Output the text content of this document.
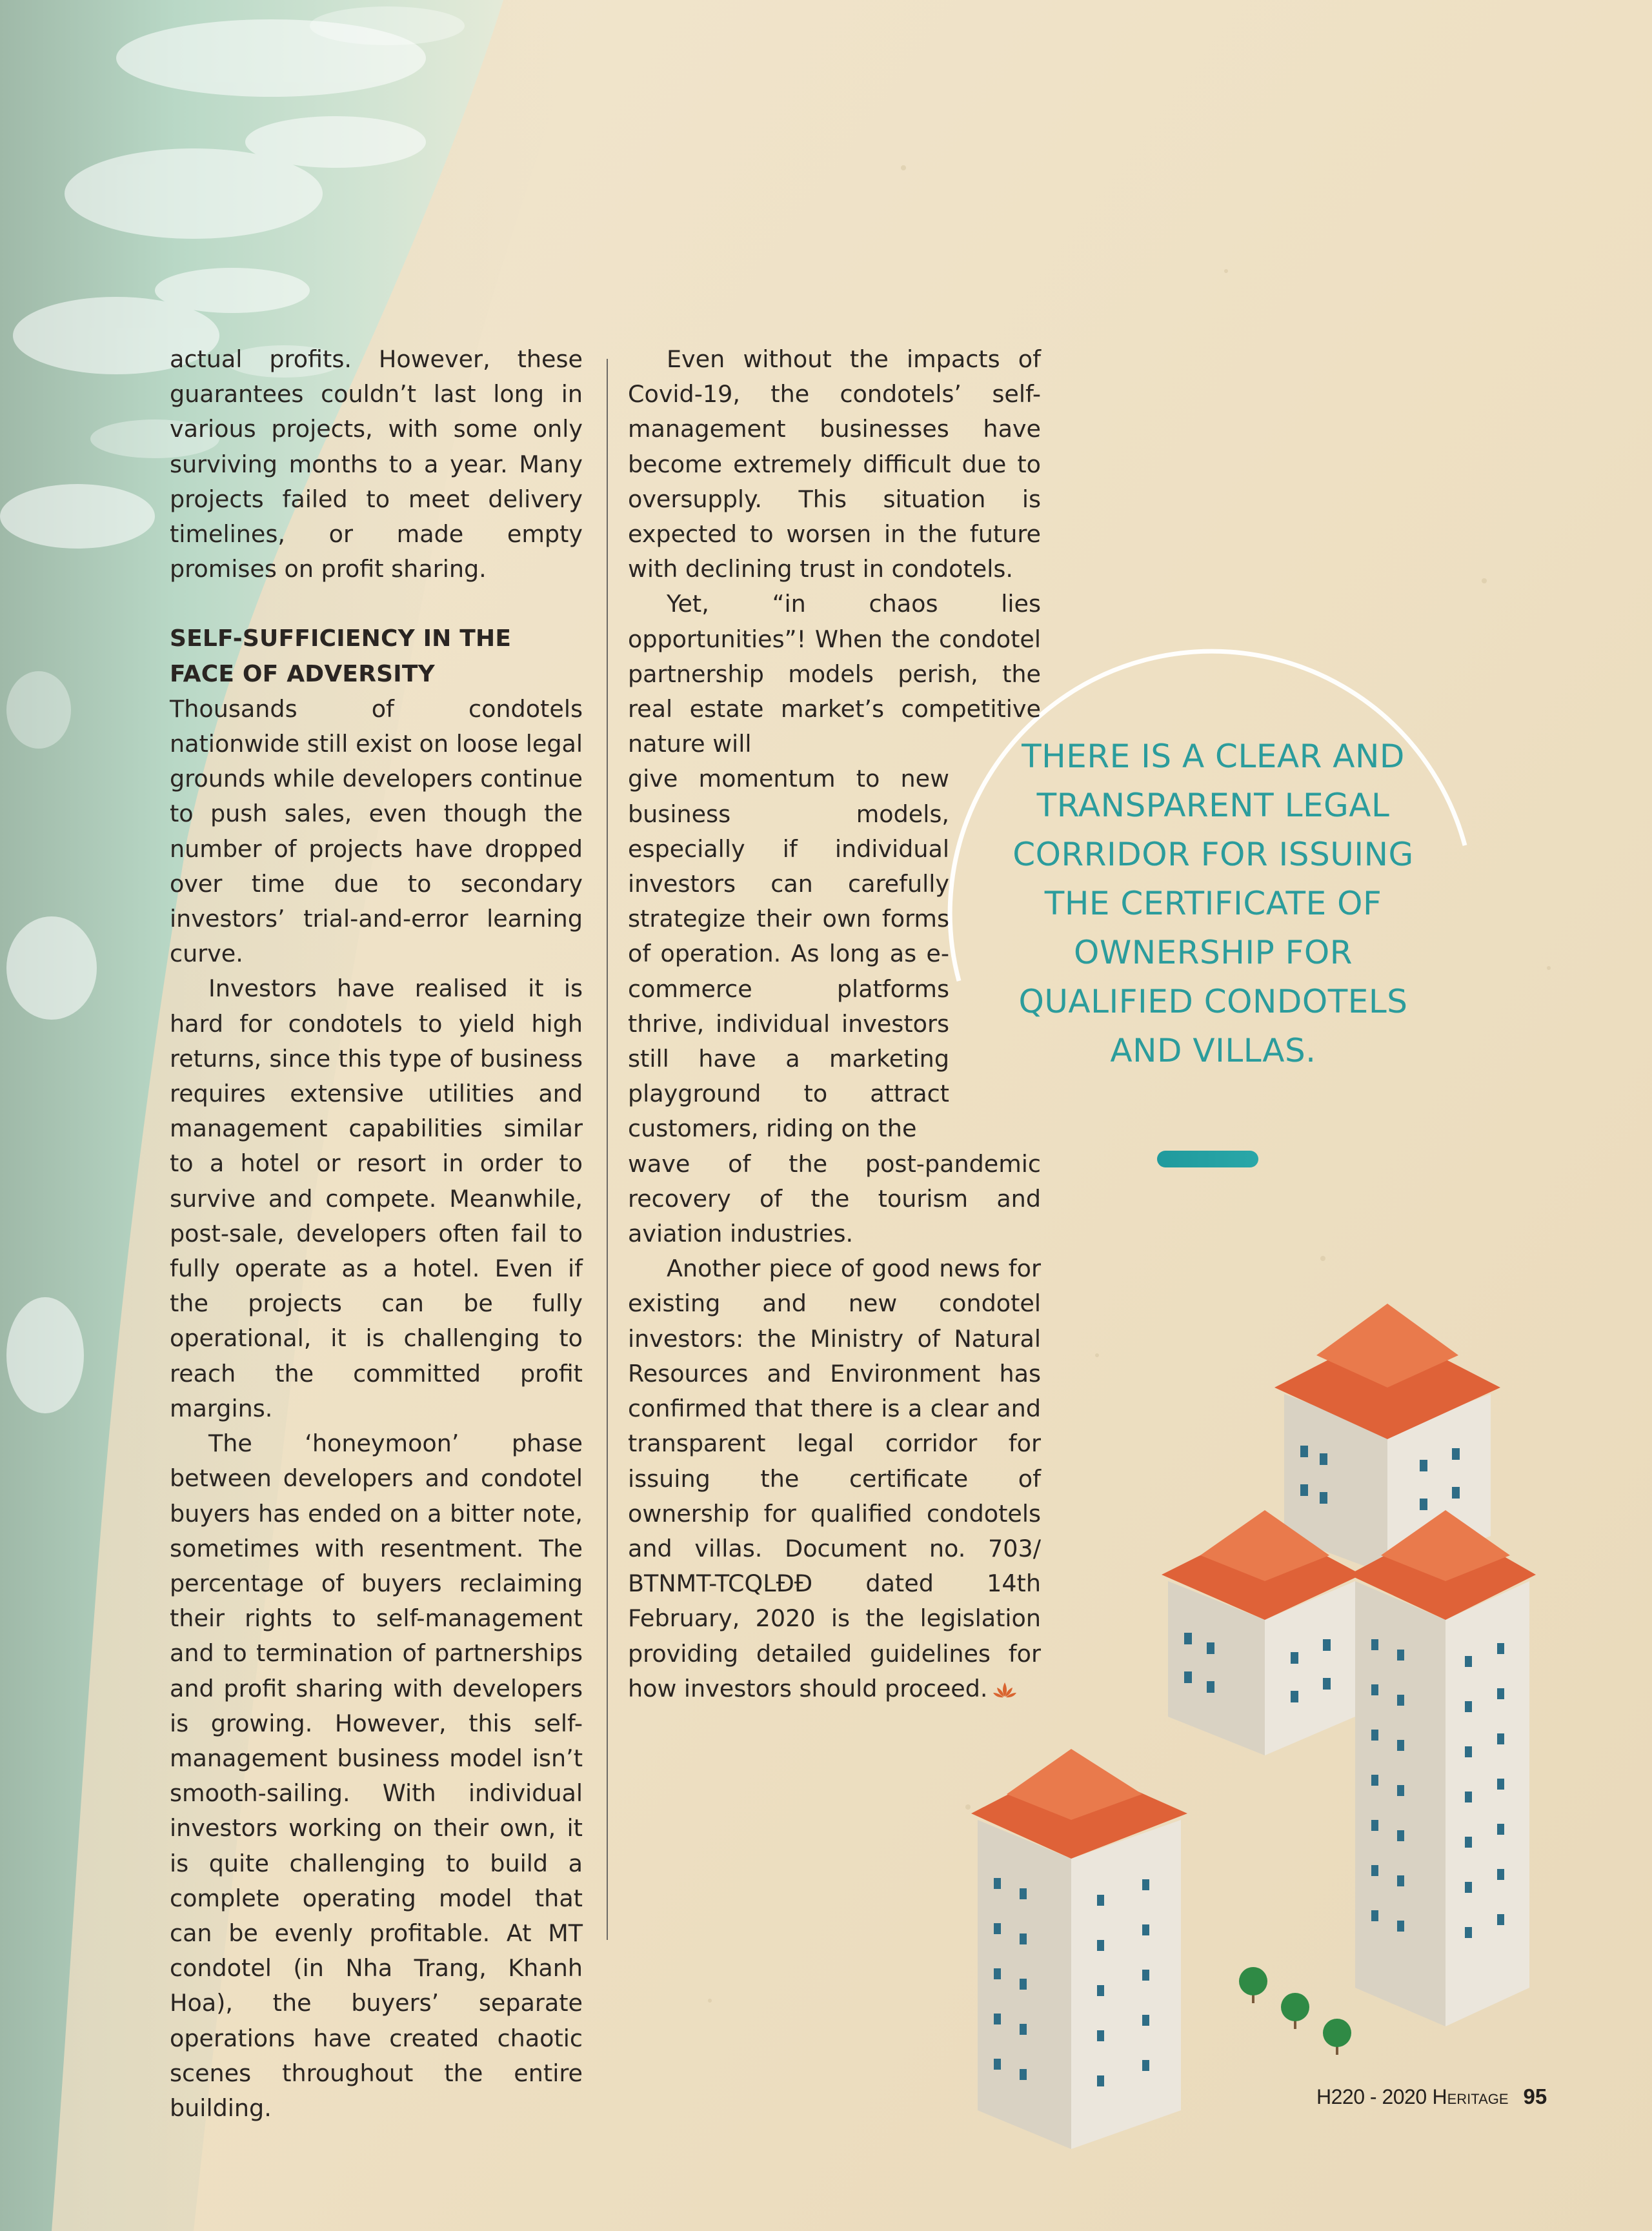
actual profits. However, these guarantees couldn’t last long in various projects, with some only surviving months to a year. Many projects failed to meet delivery timelines, or made empty promises on profit sharing.

SELF-SUFFICIENCY IN THE FACE OF ADVERSITY

Thousands of condotels nationwide still exist on loose legal grounds while developers continue to push sales, even though the number of projects have dropped over time due to secondary investors’ trial-and-error learning curve.

Investors have realised it is hard for condotels to yield high returns, since this type of business requires extensive utilities and management capabilities similar to a hotel or resort in order to survive and compete. Meanwhile, post-sale, developers often fail to fully operate as a hotel. Even if the projects can be fully operational, it is challenging to reach the committed profit margins.

The ‘honeymoon’ phase between developers and condotel buyers has ended on a bitter note, sometimes with resentment. The percentage of buyers reclaiming their rights to self-management and to termination of partnerships and profit sharing with developers is growing. However, this self-management business model isn’t smooth-sailing. With individual investors working on their own, it is quite challenging to build a complete operating model that can be evenly profitable. At MT condotel (in Nha Trang, Khanh Hoa), the buyers’ separate operations have created chaotic scenes throughout the entire building.

Even without the impacts of Covid-19, the condotels’ self-management businesses have become extremely difficult due to oversupply. This situation is expected to worsen in the future with declining trust in condotels.

Yet, “in chaos lies opportunities”! When the condotel partnership models perish, the real estate market’s competitive nature will

give momentum to new business models, especially if individual investors can carefully strategize their own forms of operation. As long as e-commerce platforms thrive, individual investors still have a marketing playground to attract customers, riding on the

wave of the post-pandemic recovery of the tourism and aviation industries.

Another piece of good news for existing and new condotel investors: the Ministry of Natural Resources and Environment has confirmed that there is a clear and transparent legal corridor for issuing the certificate of ownership for qualified condotels and villas. Document no. 703/ BTNMT-TCQLĐĐ dated 14th February, 2020 is the legislation providing detailed guidelines for how investors should proceed.

THERE IS A CLEAR AND TRANSPARENT LEGAL CORRIDOR FOR ISSUING THE CERTIFICATE OF OWNERSHIP FOR QUALIFIED CONDOTELS AND VILLAS.
H220 - 2020 Heritage 95
